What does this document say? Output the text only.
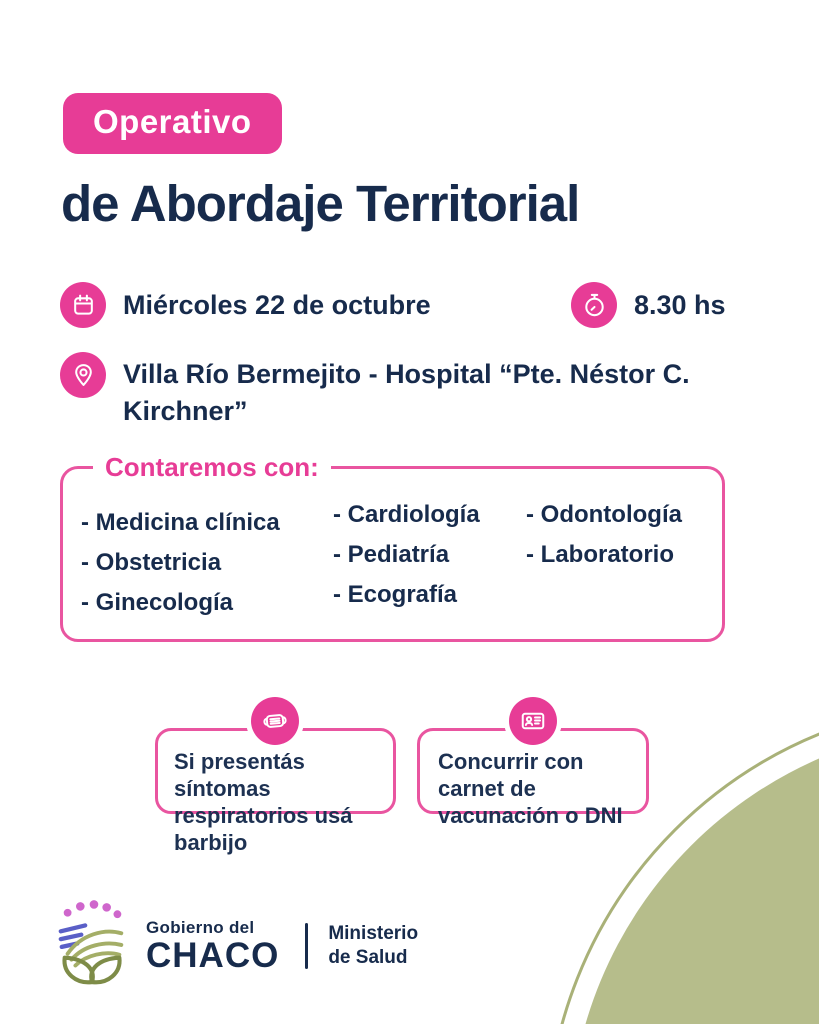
Operativo
de Abordaje Territorial
Miércoles 22 de octubre	8.30 hs
Villa Río Bermejito - Hospital “Pte. Néstor C. Kirchner”
Contaremos con:
- Medicina clínica
- Obstetricia
- Ginecología
- Cardiología
- Pediatría
- Ecografía
- Odontología
- Laboratorio
Si presentás síntomas respiratorios usá barbijo
Concurrir con carnet de vacunación o DNI
Gobierno del
CHACO
Ministerio
de Salud
